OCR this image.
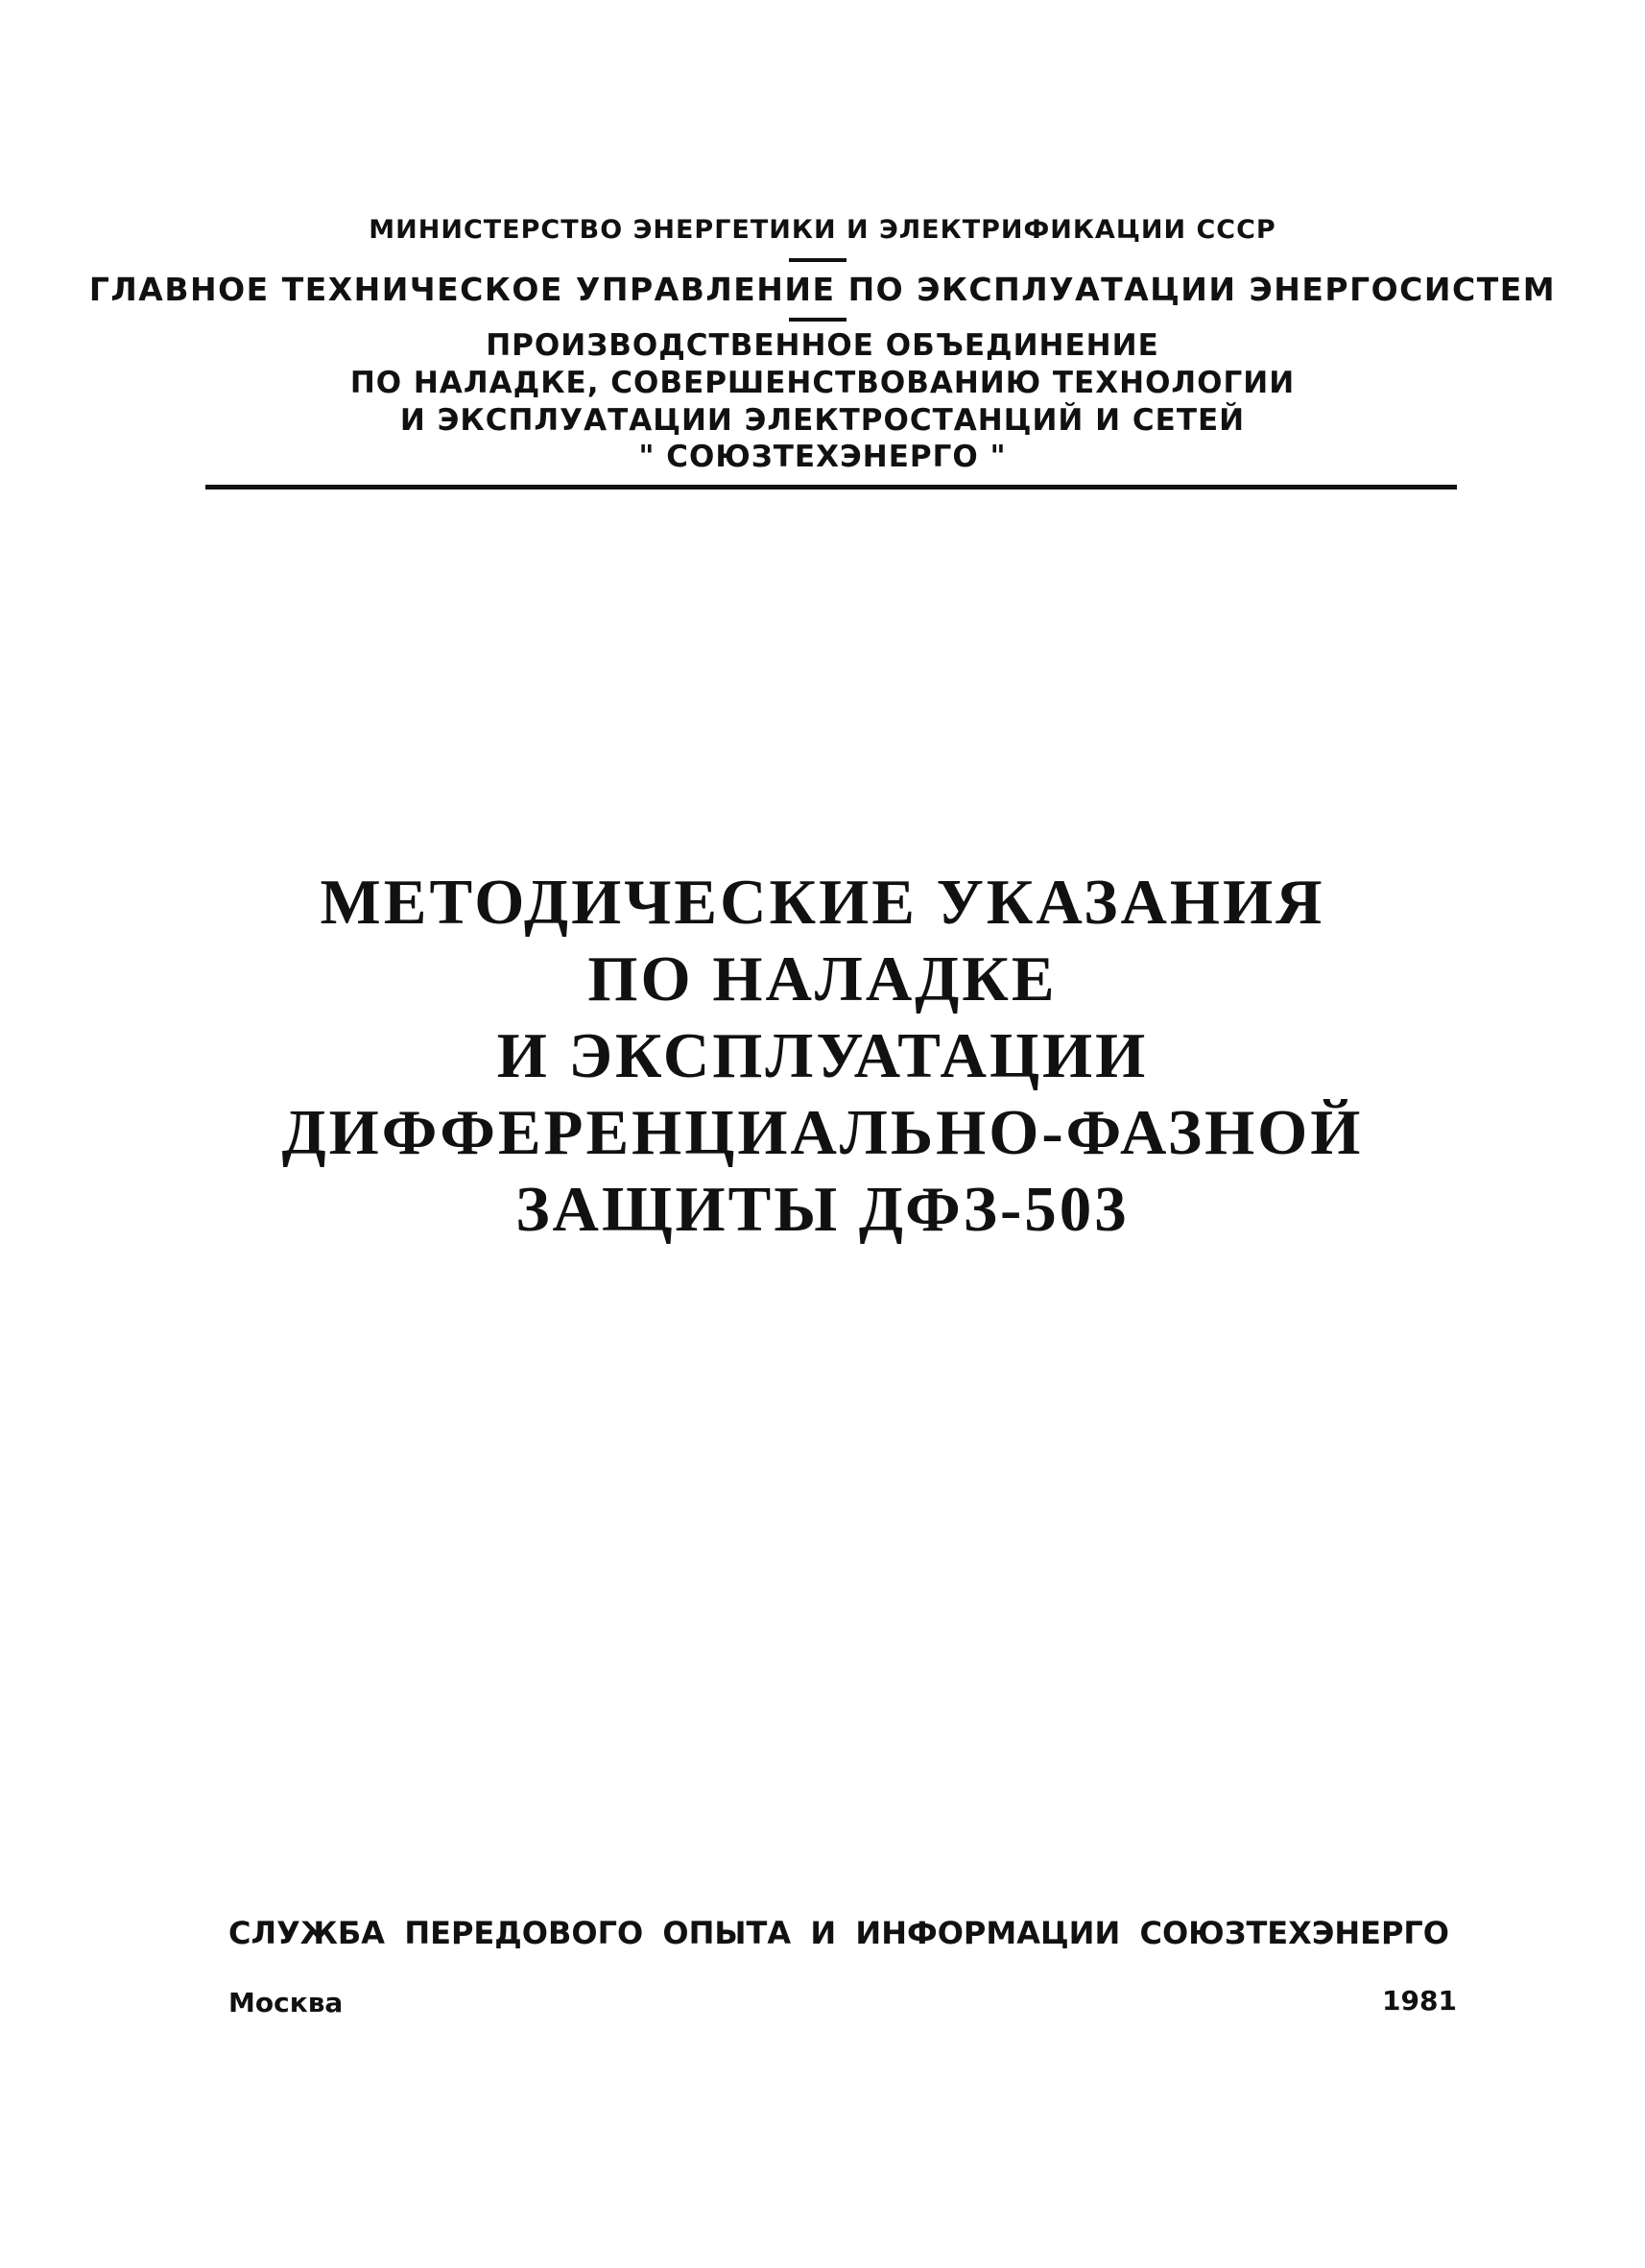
МИНИСТЕРСТВО ЭНЕРГЕТИКИ И ЭЛЕКТРИФИКАЦИИ СССР
ГЛАВНОЕ ТЕХНИЧЕСКОЕ УПРАВЛЕНИЕ ПО ЭКСПЛУАТАЦИИ ЭНЕРГОСИСТЕМ
ПРОИЗВОДСТВЕННОЕ ОБЪЕДИНЕНИЕ
ПО НАЛАДКЕ, СОВЕРШЕНСТВОВАНИЮ ТЕХНОЛОГИИ
И ЭКСПЛУАТАЦИИ ЭЛЕКТРОСТАНЦИЙ И СЕТЕЙ
" СОЮЗТЕХЭНЕРГО "
МЕТОДИЧЕСКИЕ УКАЗАНИЯ
ПО НАЛАДКЕ
И ЭКСПЛУАТАЦИИ
ДИФФЕРЕНЦИАЛЬНО-ФАЗНОЙ
ЗАЩИТЫ ДФЗ-503
СЛУЖБА ПЕРЕДОВОГО ОПЫТА И ИНФОРМАЦИИ СОЮЗТЕХЭНЕРГО
Москва	1981
